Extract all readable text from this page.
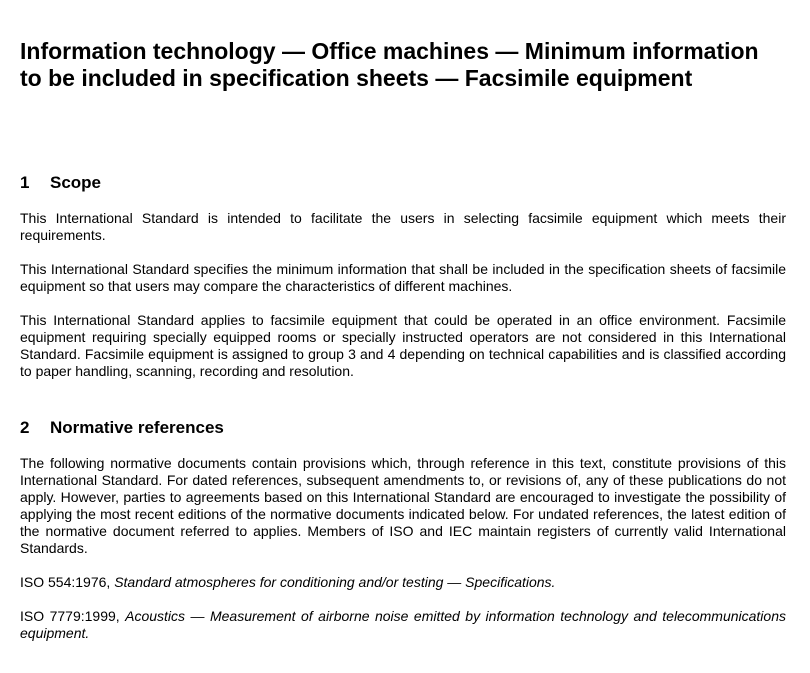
Information technology — Office machines — Minimum information to be included in specification sheets — Facsimile equipment
1	Scope

This International Standard is intended to facilitate the users in selecting facsimile equipment which meets their requirements.

This International Standard specifies the minimum information that shall be included in the specification sheets of facsimile equipment so that users may compare the characteristics of different machines.

This International Standard applies to facsimile equipment that could be operated in an office environment. Facsimile equipment requiring specially equipped rooms or specially instructed operators are not considered in this International Standard. Facsimile equipment is assigned to group 3 and 4 depending on technical capabilities and is classified according to paper handling, scanning, recording and resolution.

2	Normative references

The following normative documents contain provisions which, through reference in this text, constitute provisions of this International Standard. For dated references, subsequent amendments to, or revisions of, any of these publications do not apply. However, parties to agreements based on this International Standard are encouraged to investigate the possibility of applying the most recent editions of the normative documents indicated below. For undated references, the latest edition of the normative document referred to applies. Members of ISO and IEC maintain registers of currently valid International Standards.

ISO 554:1976, Standard atmospheres for conditioning and/or testing — Specifications.

ISO 7779:1999, Acoustics — Measurement of airborne noise emitted by information technology and telecommunications equipment.
